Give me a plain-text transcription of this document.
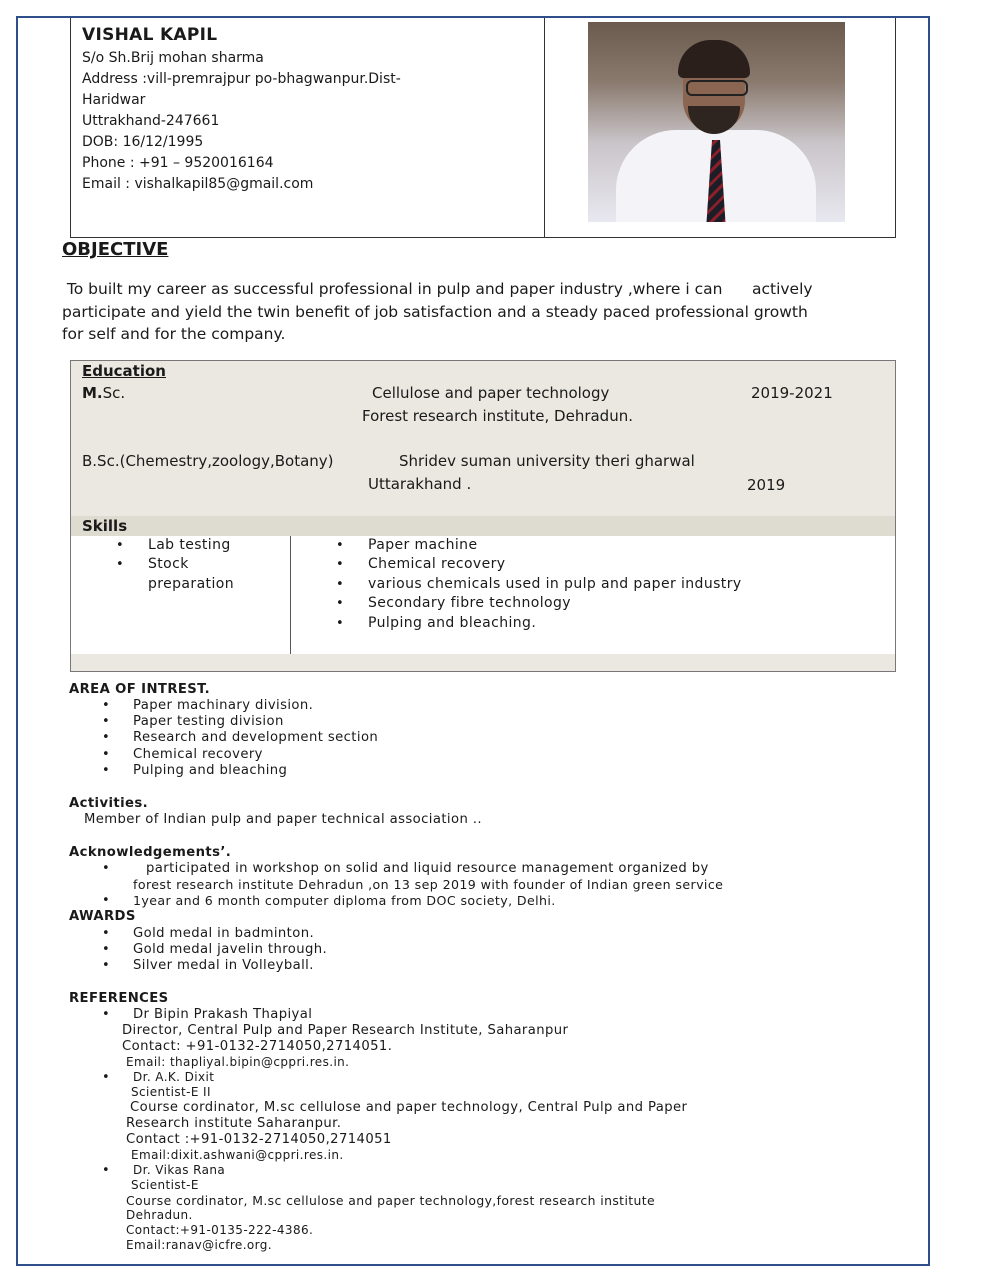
VISHAL KAPIL
S/o Sh.Brij mohan sharma
Address :vill-premrajpur po-bhagwanpur.Dist-
Haridwar
Uttrakhand-247661
DOB: 16/12/1995
Phone : +91 – 9520016164
Email : vishalkapil85@gmail.com
OBJECTIVE
To built my career as successful professional in pulp and paper industry ,where i can      actively
participate and yield the twin benefit of job satisfaction and a steady paced professional growth
for self and for the company.
Education
M.Sc.	Cellulose and paper technology	2019-2021
Forest research institute, Dehradun.
B.Sc.(Chemestry,zoology,Botany)	Shridev suman university theri gharwal
Uttarakhand .	2019
Skills
• Lab testing
• Stock
preparation
• Paper machine
• Chemical recovery
• various chemicals used in pulp and paper industry
• Secondary fibre technology
• Pulping and bleaching.
AREA OF INTREST.
• Paper machinary division.
• Paper testing division
• Research and development section
• Chemical recovery
• Pulping and bleaching
Activities.
Member of Indian pulp and paper technical association ..
Acknowledgements’.
•	participated in workshop on solid and liquid resource management organized by
forest research institute Dehradun ,on 13 sep 2019 with founder of Indian green service
• 1year and 6 month computer diploma from DOC society, Delhi.
AWARDS
• Gold medal in badminton.
• Gold medal javelin through.
• Silver medal in Volleyball.
REFERENCES
• Dr Bipin Prakash Thapiyal
Director, Central Pulp and Paper Research Institute, Saharanpur
Contact: +91-0132-2714050,2714051.
Email: thapliyal.bipin@cppri.res.in.
• Dr. A.K. Dixit
Scientist-E II
Course cordinator, M.sc cellulose and paper technology, Central Pulp and Paper
Research institute Saharanpur.
Contact :+91-0132-2714050,2714051
Email:dixit.ashwani@cppri.res.in.
• Dr. Vikas Rana
Scientist-E
Course cordinator, M.sc cellulose and paper technology,forest research institute
Dehradun.
Contact:+91-0135-222-4386.
Email:ranav@icfre.org.
